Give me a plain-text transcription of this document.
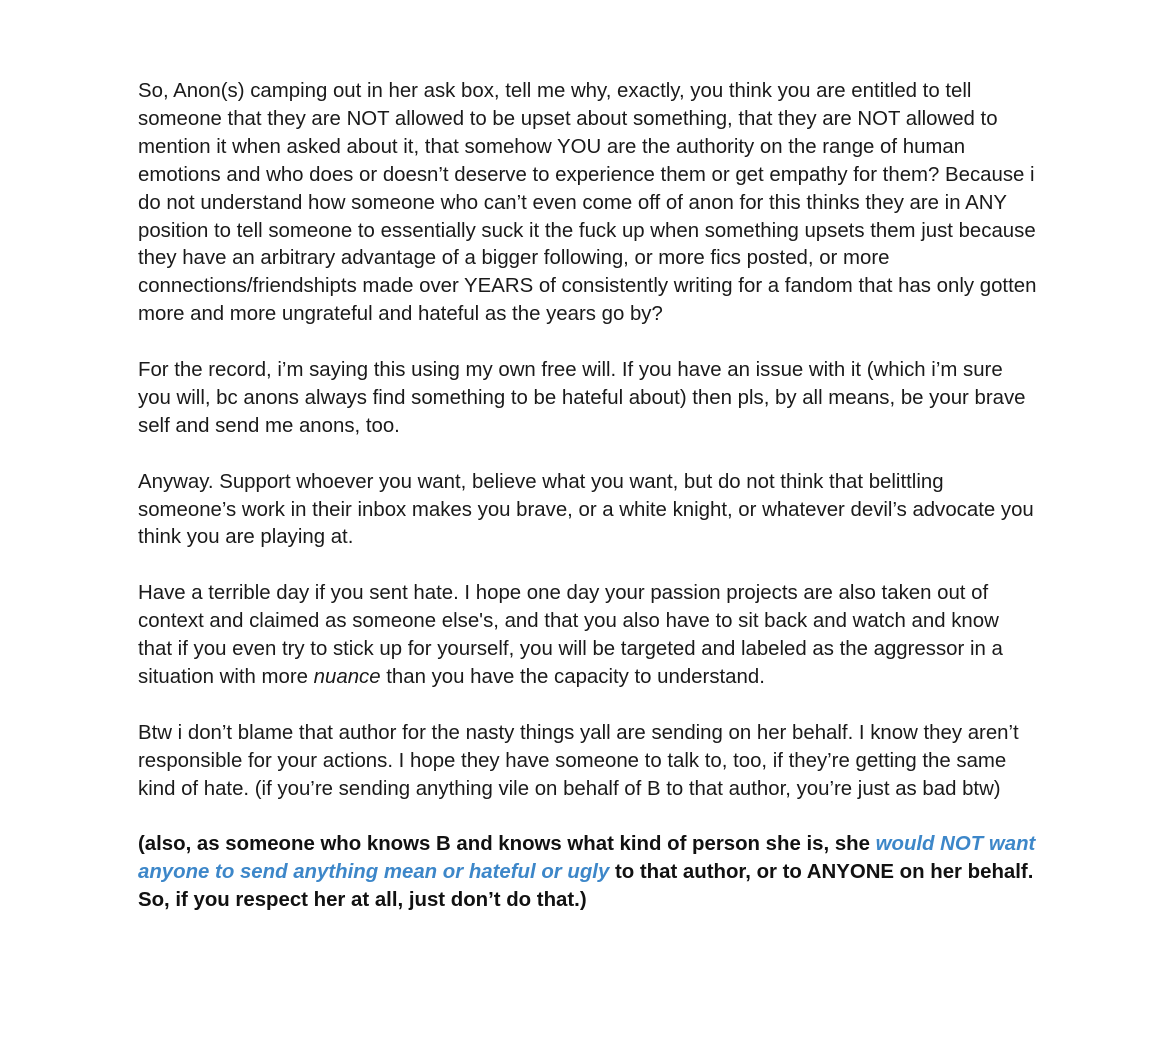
So, Anon(s) camping out in her ask box, tell me why, exactly, you think you are entitled to tell someone that they are NOT allowed to be upset about something, that they are NOT allowed to mention it when asked about it, that somehow YOU are the authority on the range of human emotions and who does or doesn’t deserve to experience them or get empathy for them? Because i do not understand how someone who can’t even come off of anon for this thinks they are in ANY position to tell someone to essentially suck it the fuck up when something upsets them just because they have an arbitrary advantage of a bigger following, or more fics posted, or more connections/friendshipts made over YEARS of consistently writing for a fandom that has only gotten more and more ungrateful and hateful as the years go by?

For the record, i’m saying this using my own free will. If you have an issue with it (which i’m sure you will, bc anons always find something to be hateful about) then pls, by all means, be your brave self and send me anons, too.

Anyway. Support whoever you want, believe what you want, but do not think that belittling someone’s work in their inbox makes you brave, or a white knight, or whatever devil’s advocate you think you are playing at.

Have a terrible day if you sent hate. I hope one day your passion projects are also taken out of context and claimed as someone else's, and that you also have to sit back and watch and know that if you even try to stick up for yourself, you will be targeted and labeled as the aggressor in a situation with more nuance than you have the capacity to understand.

Btw i don’t blame that author for the nasty things yall are sending on her behalf. I know they aren’t responsible for your actions. I hope they have someone to talk to, too, if they’re getting the same kind of hate. (if you’re sending anything vile on behalf of B to that author, you’re just as bad btw)

(also, as someone who knows B and knows what kind of person she is, she would NOT want anyone to send anything mean or hateful or ugly to that author, or to ANYONE on her behalf. So, if you respect her at all, just don’t do that.)
